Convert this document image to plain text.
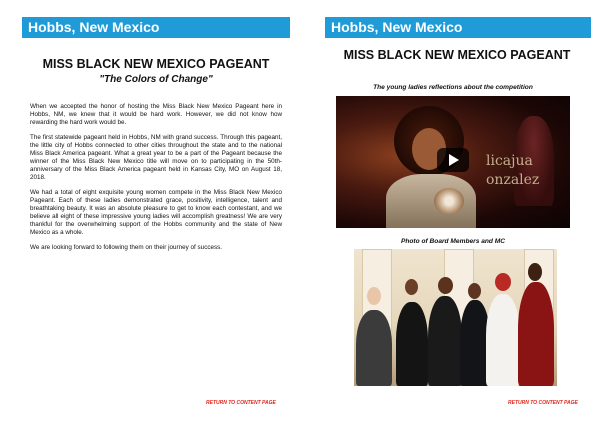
Hobbs, New Mexico
MISS BLACK NEW MEXICO PAGEANT
"The Colors of Change"

When we accepted the honor of hosting the Miss Black New Mexico Pageant here in Hobbs, NM, we knew that it would be hard work. However, we did not know how rewarding the hard work would be.

The first statewide pageant held in Hobbs, NM with grand success. Through this pageant, the little city of Hobbs connected to other cities throughout the state and to the national Miss Black America pageant. What a great year to be a part of the Pageant because the winner of the Miss Black New Mexico title will move on to participating in the 50th-anniversary of the Miss Black America pageant held in Kansas City, MO on August 18, 2018.

We had a total of eight exquisite young women compete in the Miss Black New Mexico Pageant. Each of these ladies demonstrated grace, positivity, intelligence, talent and breathtaking beauty. It was an absolute pleasure to get to know each contestant, and we believe all eight of these impressive young ladies will accomplish greatness! We are very thankful for the overwhelming support of the Hobbs community and the state of New Mexico as a whole.

We are looking forward to following them on their journey of success.

RETURN TO CONTENT PAGE
Hobbs, New Mexico
MISS BLACK NEW MEXICO PAGEANT
The young ladies reflections about the competition
licajua
onzalez
Photo of Board Members and MC
RETURN TO CONTENT PAGE
